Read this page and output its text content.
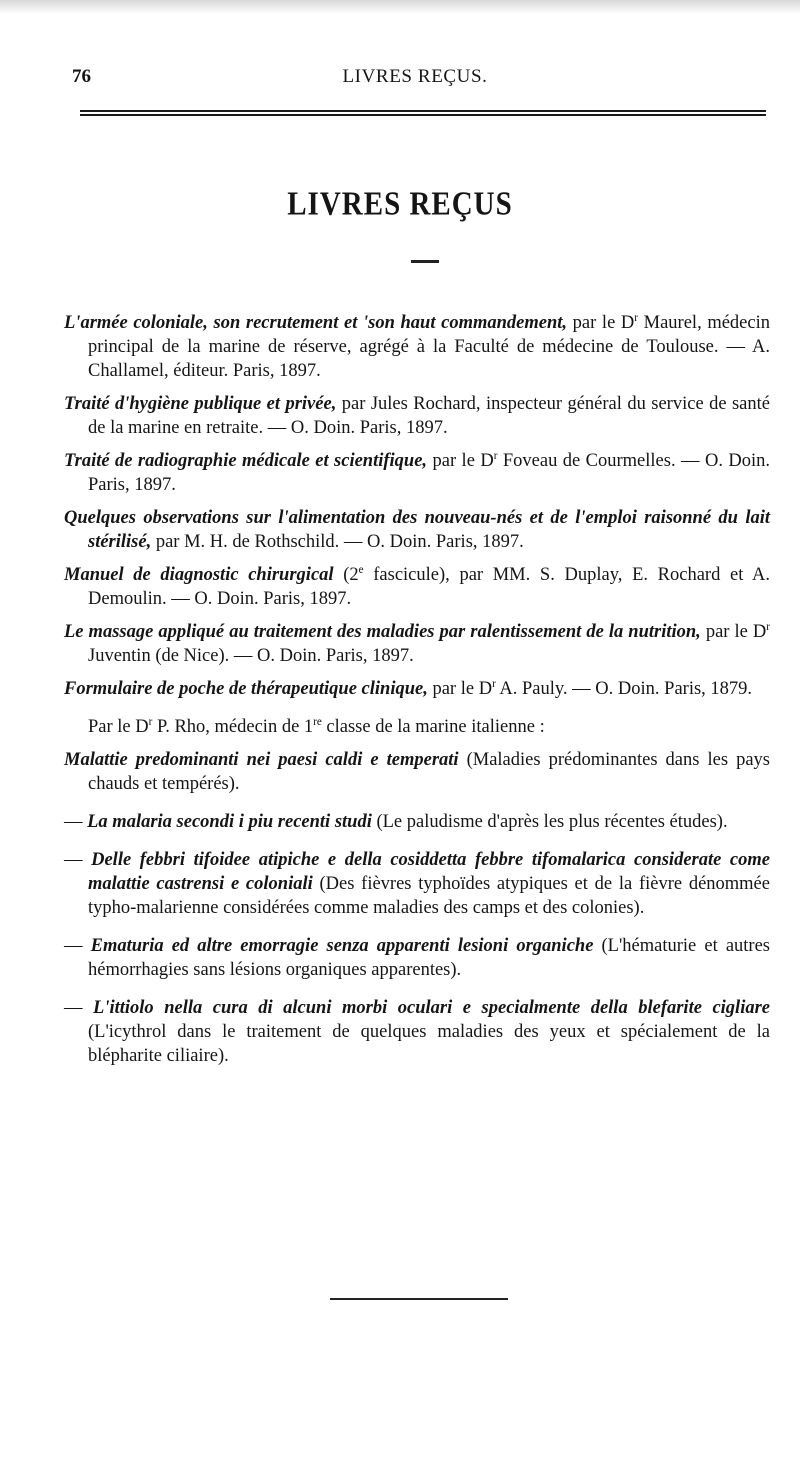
76	LIVRES REÇUS.
LIVRES REÇUS

L'armée coloniale, son recrutement et 'son haut commandement, par le $D^r$ Maurel, médecin principal de la marine de réserve, agrégé à la Faculté de médecine de Toulouse. — A. Challamel, éditeur. Paris, 1897.

Traité d'hygiène publique et privée, par Jules Rochard, inspecteur général du service de santé de la marine en retraite. — O. Doin. Paris, 1897.

Traité de radiographie médicale et scientifique, par le $D^r$ Foveau de Courmelles. — O. Doin. Paris, 1897.

Quelques observations sur l'alimentation des nouveau-nés et de l'emploi raisonné du lait stérilisé, par M. H. de Rothschild. — O. Doin. Paris, 1897.

Manuel de diagnostic chirurgical (2e fascicule), par MM. S. Duplay, E. Rochard et A. Demoulin. — O. Doin. Paris, 1897.

Le massage appliqué au traitement des maladies par ralentissement de la nutrition, par le $D^r$ Juventin (de Nice). — O. Doin. Paris, 1897.

Formulaire de poche de thérapeutique clinique, par le $D^r$ A. Pauly. — O. Doin. Paris, 1879.

Par le $D^r$ P. Rho, médecin de 1re classe de la marine italienne :

Malattie predominanti nei paesi caldi e temperati (Maladies prédominantes dans les pays chauds et tempérés).

— La malaria secondi i piu recenti studi (Le paludisme d'après les plus récentes études).

— Delle febbri tifoidee atipiche e della cosiddetta febbre tifomalarica considerate come malattie castrensi e coloniali (Des fièvres typhoïdes atypiques et de la fièvre dénommée typho-malarienne considérées comme maladies des camps et des colonies).

— Ematuria ed altre emorragie senza apparenti lesioni organiche (L'hématurie et autres hémorrhagies sans lésions organiques apparentes).

— L'ittiolo nella cura di alcuni morbi oculari e specialmente della blefarite cigliare (L'icythrol dans le traitement de quelques maladies des yeux et spécialement de la blépharite ciliaire).
